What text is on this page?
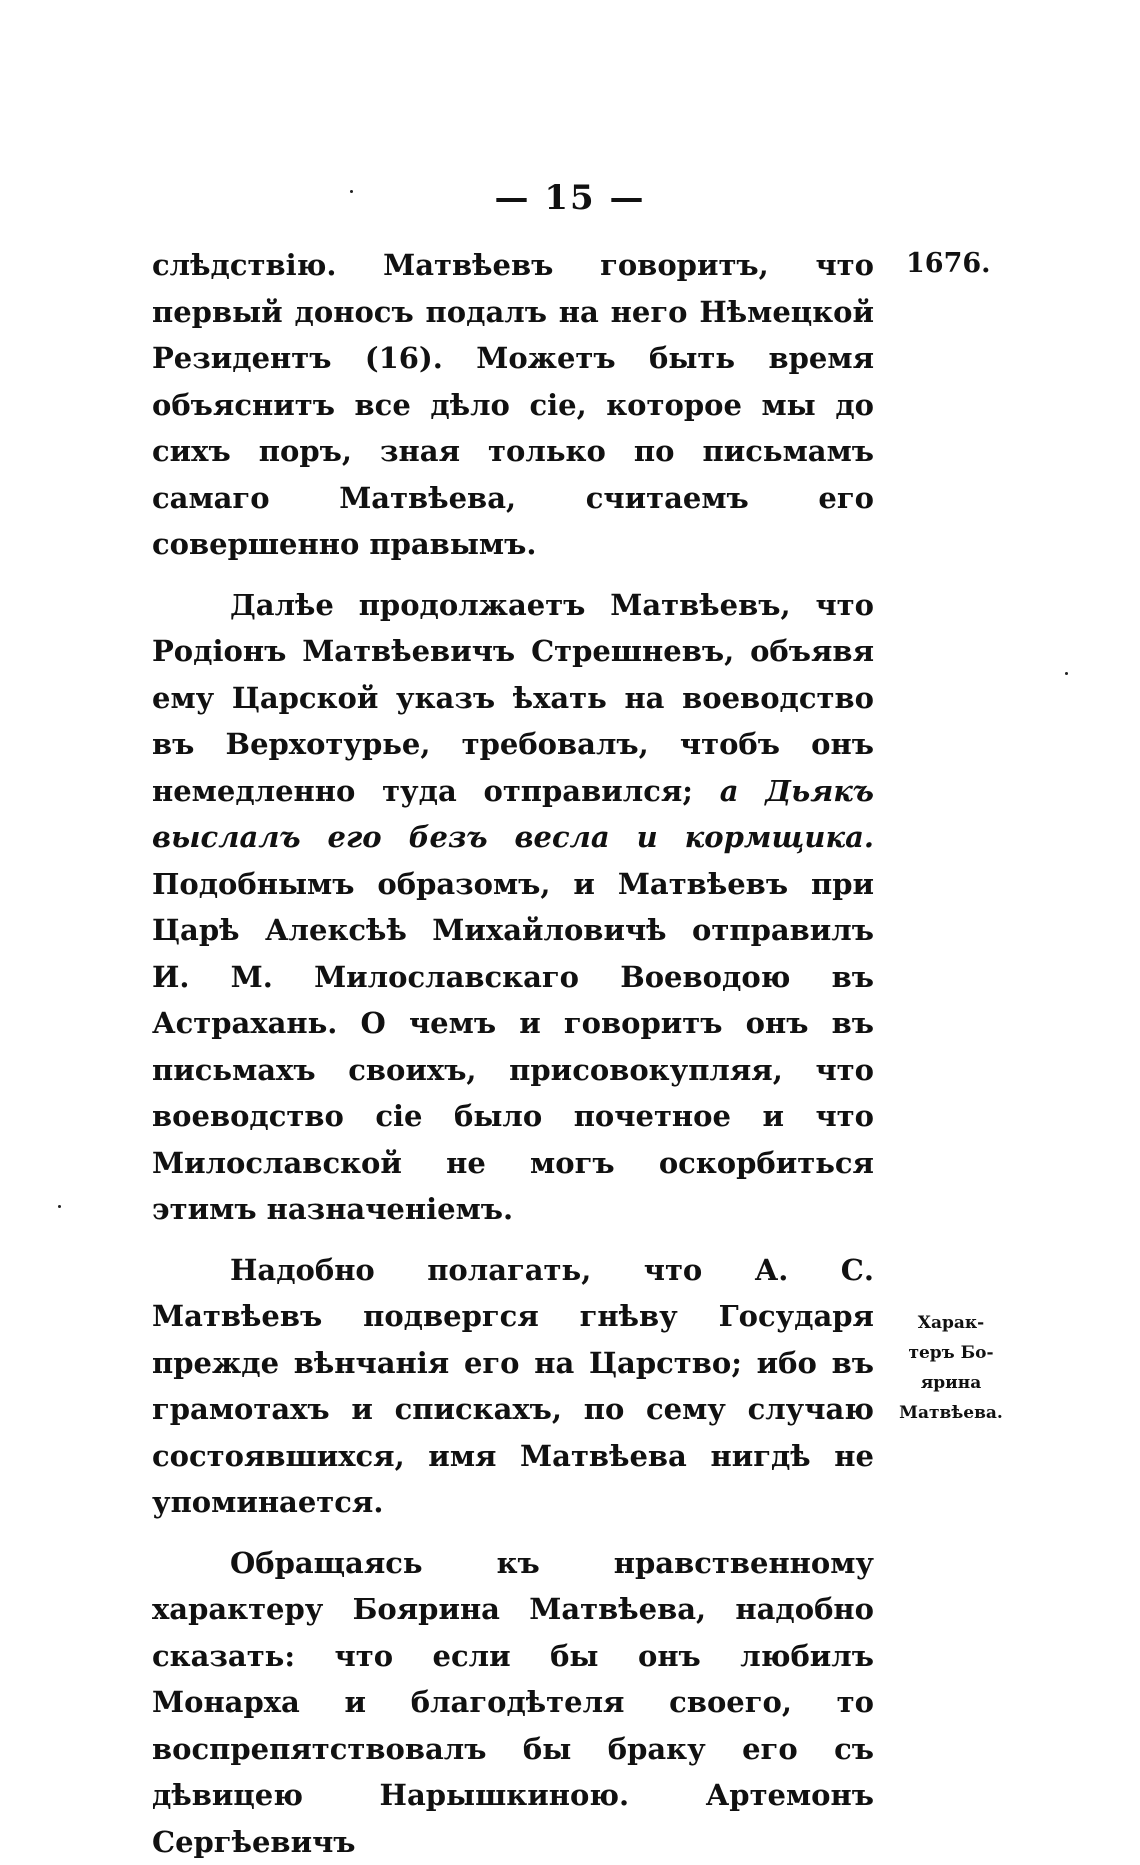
— 15 —
1676.

слѣдствію. Матвѣевъ говоритъ, что первый доносъ подалъ на него Нѣмецкой Резидентъ (16). Можетъ быть время объяснитъ все дѣло сіе, которое мы до сихъ поръ, зная только по письмамъ самаго Матвѣева, считаемъ его совершенно правымъ.

Далѣе продолжаетъ Матвѣевъ, что Родіонъ Матвѣевичъ Стрешневъ, объявя ему Царской указъ ѣхать на воеводство въ Верхотурье, требовалъ, чтобъ онъ немедленно туда отправился; а Дьякъ выслалъ его безъ весла и кормщика. Подобнымъ образомъ, и Матвѣевъ при Царѣ Алексѣѣ Михайловичѣ отправилъ И. М. Милославскаго Воеводою въ Астрахань. О чемъ и говоритъ онъ въ письмахъ своихъ, присовокупляя, что воеводство сіе было почетное и что Милославской не могъ оскорбиться этимъ назначеніемъ.

Надобно полагать, что А. С. Матвѣевъ подвергся гнѣву Государя прежде вѣнчанія его на Царство; ибо въ грамотахъ и спискахъ, по сему случаю состоявшихся, имя Матвѣева нигдѣ не упоминается.

Обращаясь къ нравственному характеру Боярина Матвѣева, надобно сказать: что если бы онъ любилъ Монарха и благодѣтеля своего, то воспрепятствовалъ бы браку его съ дѣвицею Нарышкиною. Артемонъ Сергѣевичъ

Харак-
теръ Бо-
ярина
Матвѣева.
